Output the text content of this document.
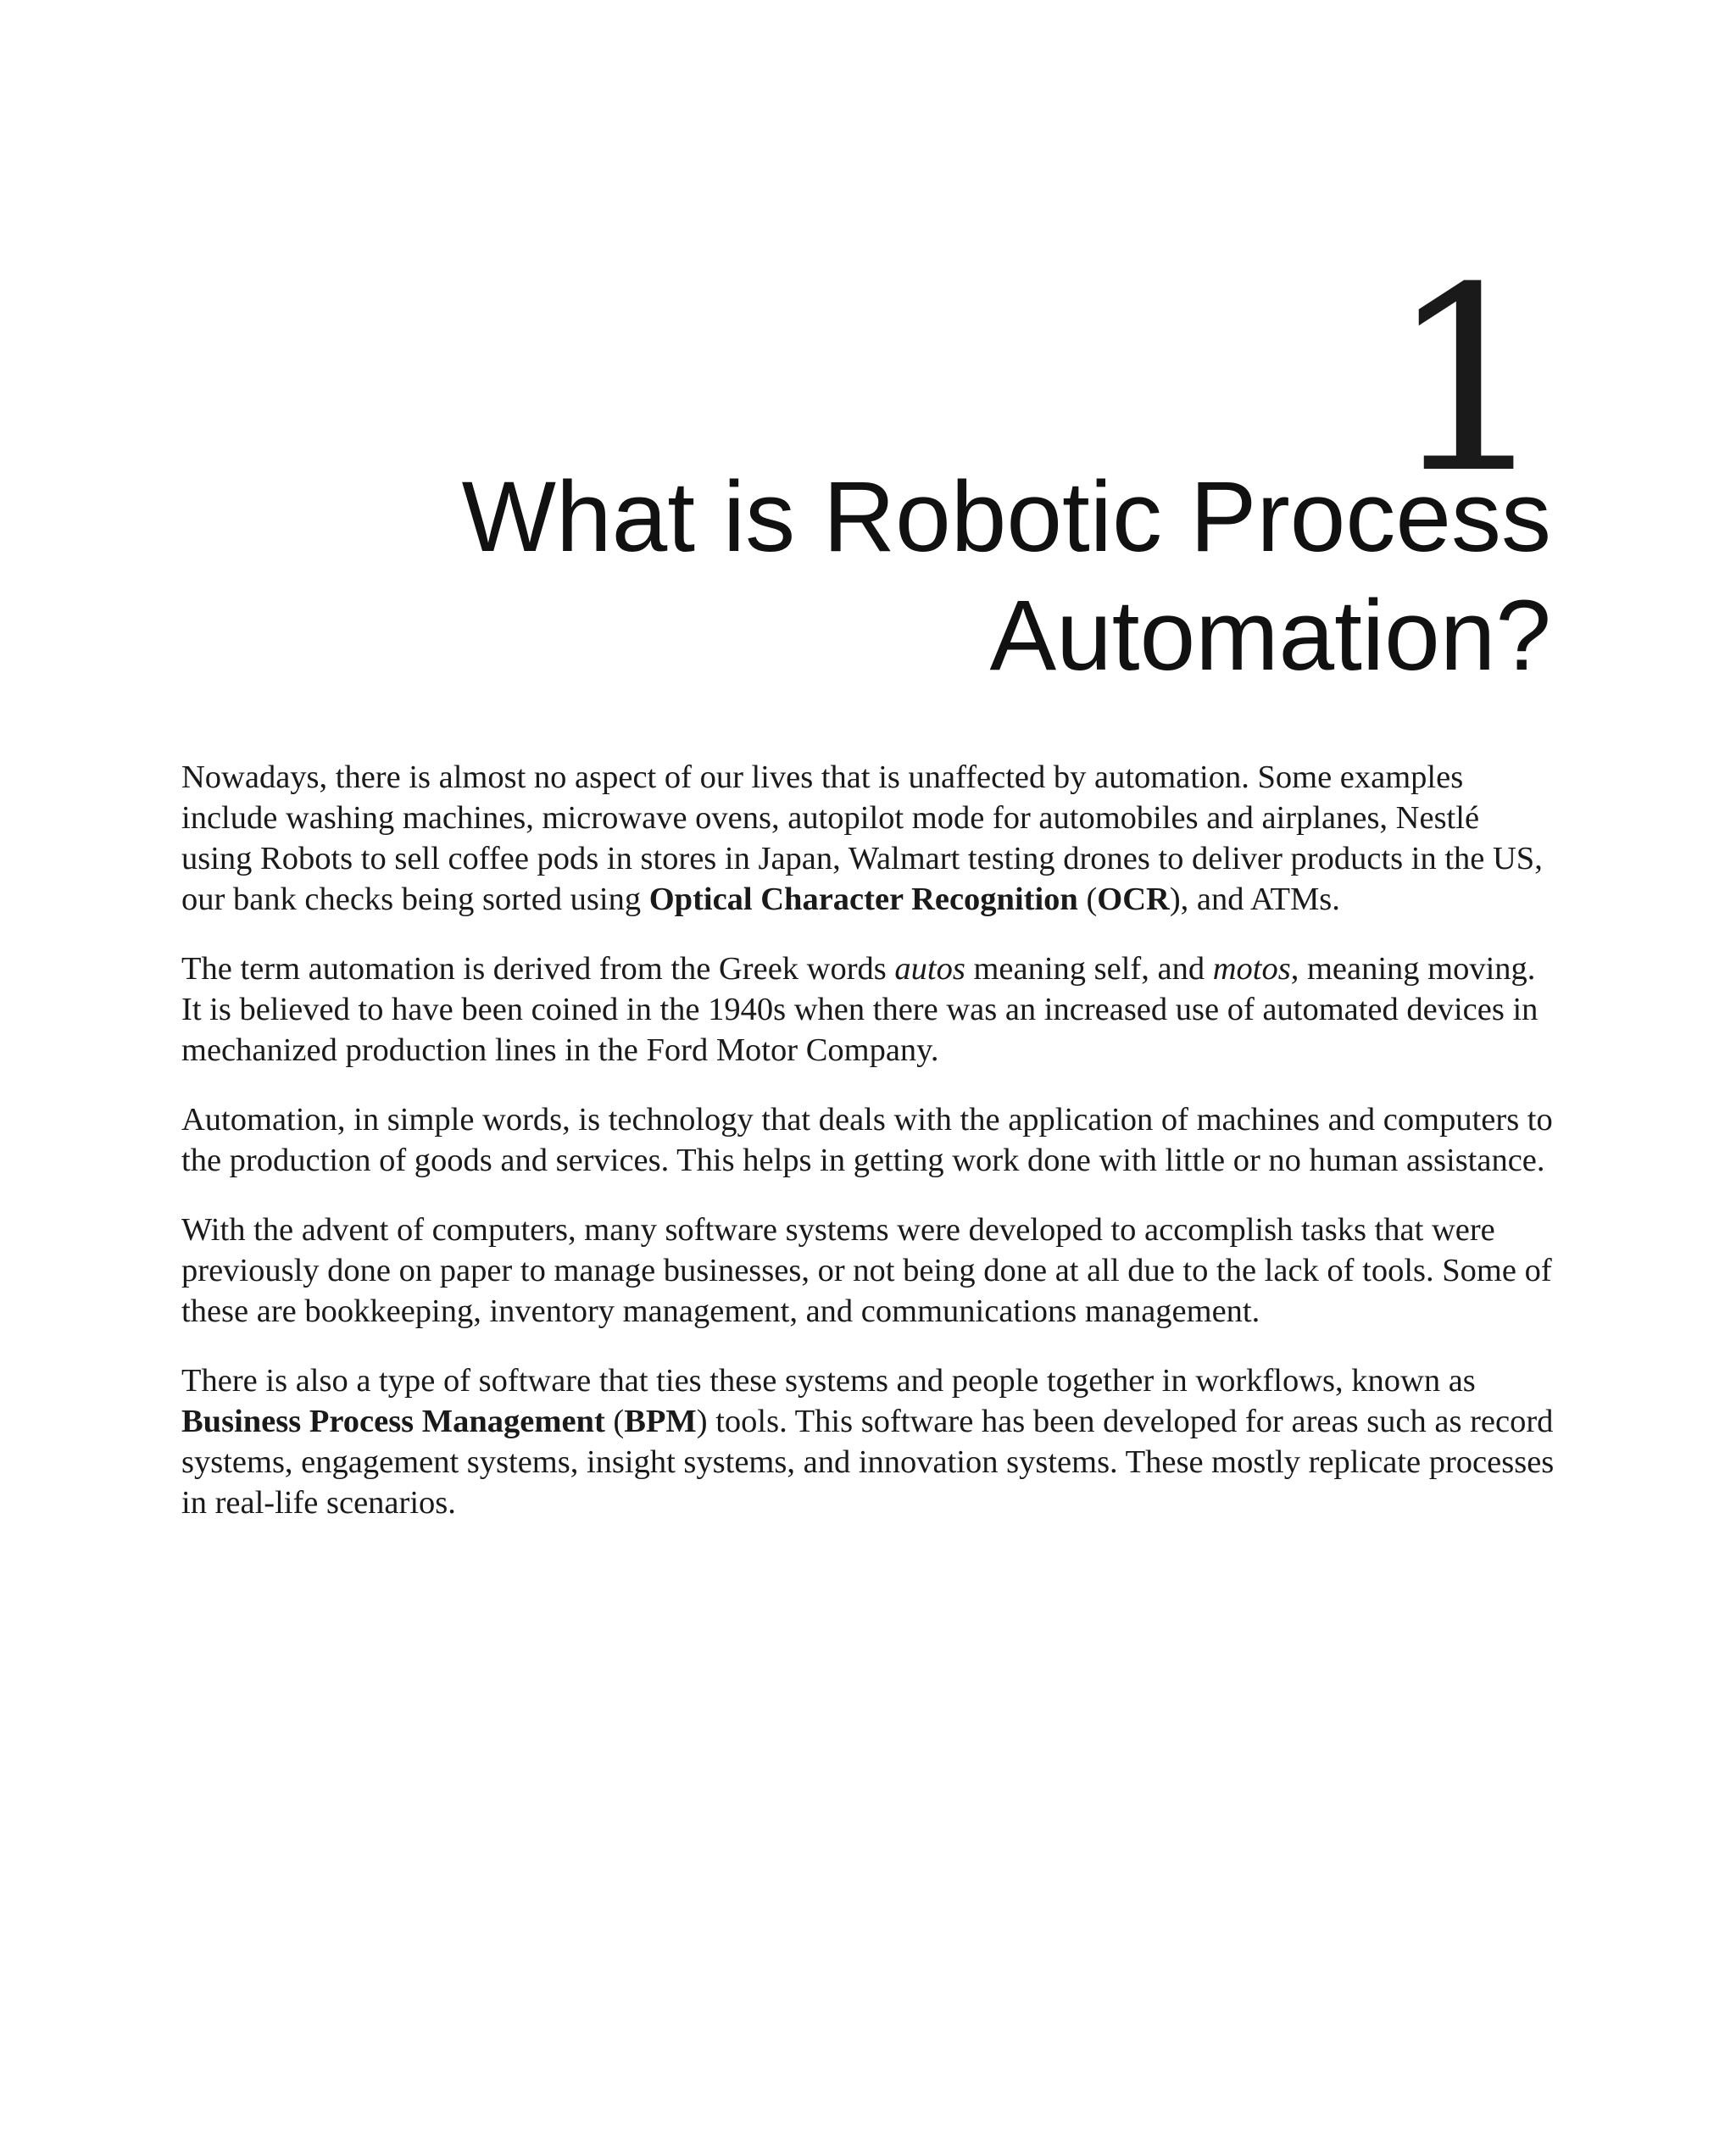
1
What is Robotic Process
Automation?

Nowadays, there is almost no aspect of our lives that is unaffected by automation. Some examples include washing machines, microwave ovens, autopilot mode for automobiles and airplanes, Nestlé using Robots to sell coffee pods in stores in Japan, Walmart testing drones to deliver products in the US, our bank checks being sorted using Optical Character Recognition (OCR), and ATMs.

The term automation is derived from the Greek words autos meaning self, and motos, meaning moving. It is believed to have been coined in the 1940s when there was an increased use of automated devices in mechanized production lines in the Ford Motor Company.

Automation, in simple words, is technology that deals with the application of machines and computers to the production of goods and services. This helps in getting work done with little or no human assistance.

With the advent of computers, many software systems were developed to accomplish tasks that were previously done on paper to manage businesses, or not being done at all due to the lack of tools. Some of these are bookkeeping, inventory management, and communications management.

There is also a type of software that ties these systems and people together in workflows, known as Business Process Management (BPM) tools. This software has been developed for areas such as record systems, engagement systems, insight systems, and innovation systems. These mostly replicate processes in real-life scenarios.
